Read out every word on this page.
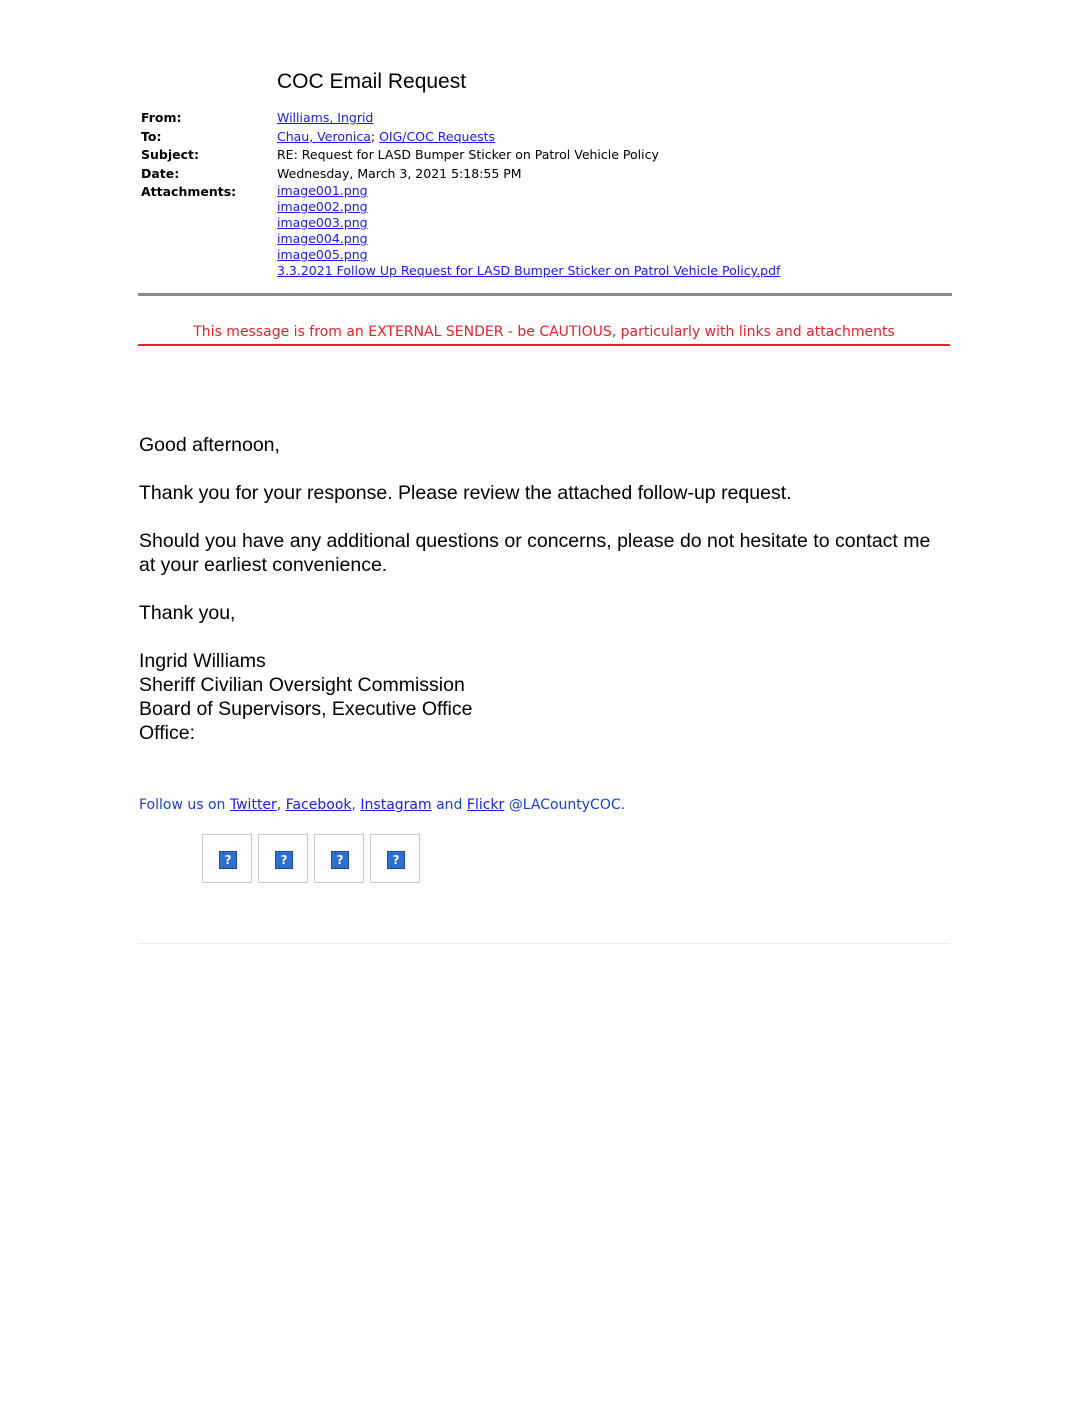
COC Email Request
From:	Williams, Ingrid
To:	Chau, Veronica; OIG/COC Requests
Subject:	RE: Request for LASD Bumper Sticker on Patrol Vehicle Policy
Date:	Wednesday, March 3, 2021 5:18:55 PM
Attachments:	image001.png
image002.png
image003.png
image004.png
image005.png
3.3.2021 Follow Up Request for LASD Bumper Sticker on Patrol Vehicle Policy.pdf
This message is from an EXTERNAL SENDER - be CAUTIOUS, particularly with links and attachments

Good afternoon,

Thank you for your response. Please review the attached follow-up request.

Should you have any additional questions or concerns, please do not hesitate to contact me at your earliest convenience.

Thank you,

Ingrid Williams
Sheriff Civilian Oversight Commission
Board of Supervisors, Executive Office
Office:
Follow us on Twitter, Facebook, Instagram and Flickr @LACountyCOC.
?	?	?	?
